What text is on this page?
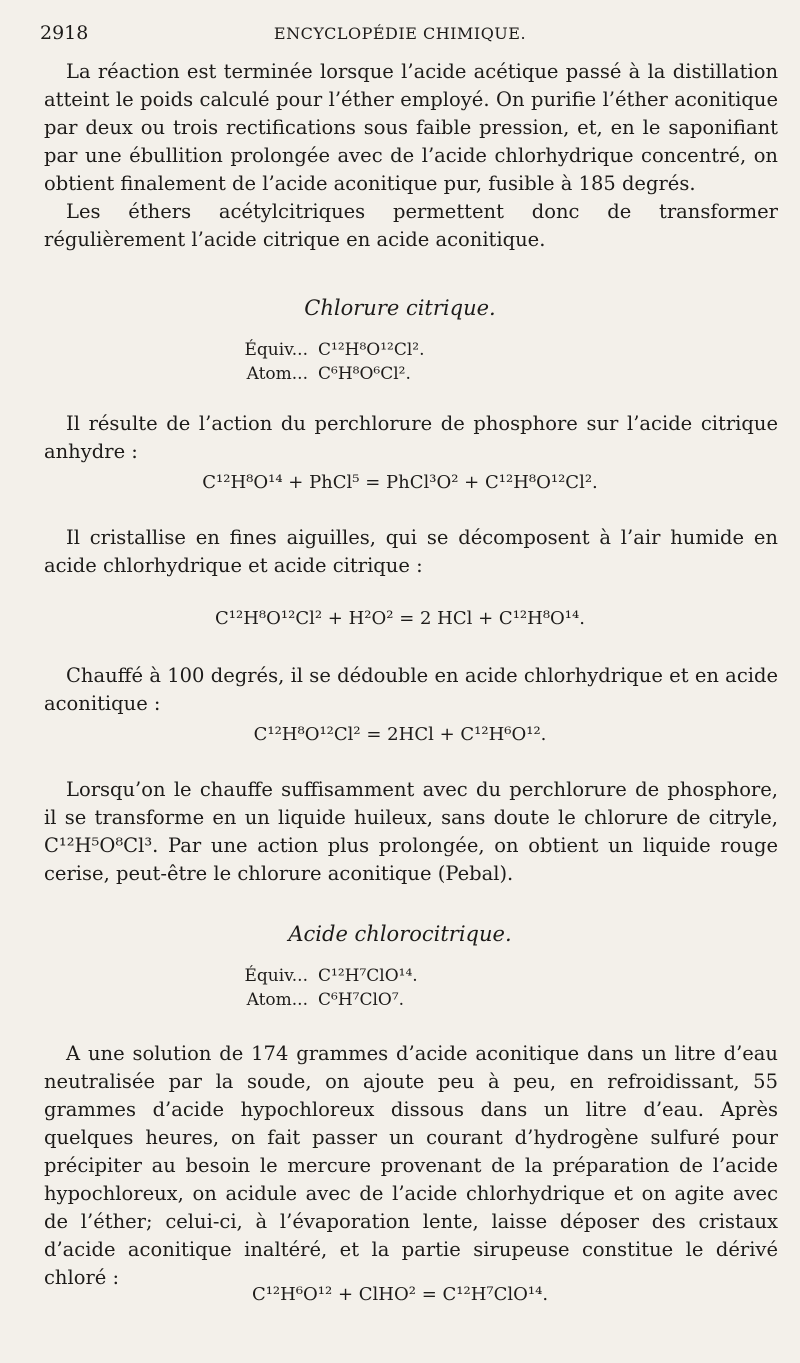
2918	ENCYCLOPÉDIE CHIMIQUE.

La réaction est terminée lorsque l’acide acétique passé à la distillation atteint le poids calculé pour l’éther employé. On purifie l’éther aconitique par deux ou trois rectifications sous faible pression, et, en le saponifiant par une ébullition prolongée avec de l’acide chlorhydrique concentré, on obtient finalement de l’acide aconitique pur, fusible à 185 degrés.

Les éthers acétylcitriques permettent donc de transformer régulièrement l’acide citrique en acide aconitique.

Chlorure citrique.
Équiv... C¹²H⁸O¹²Cl².
Atom... C⁶H⁸O⁶Cl².

Il résulte de l’action du perchlorure de phosphore sur l’acide citrique anhydre :

C¹²H⁸O¹⁴ + PhCl⁵ = PhCl³O² + C¹²H⁸O¹²Cl².

Il cristallise en fines aiguilles, qui se décomposent à l’air humide en acide chlorhydrique et acide citrique :

C¹²H⁸O¹²Cl² + H²O² = 2 HCl + C¹²H⁸O¹⁴.

Chauffé à 100 degrés, il se dédouble en acide chlorhydrique et en acide aconitique :

C¹²H⁸O¹²Cl² = 2HCl + C¹²H⁶O¹².

Lorsqu’on le chauffe suffisamment avec du perchlorure de phosphore, il se transforme en un liquide huileux, sans doute le chlorure de citryle, C¹²H⁵O⁸Cl³. Par une action plus prolongée, on obtient un liquide rouge cerise, peut-être le chlorure aconitique (Pebal).

Acide chlorocitrique.
Équiv... C¹²H⁷ClO¹⁴.
Atom... C⁶H⁷ClO⁷.

A une solution de 174 grammes d’acide aconitique dans un litre d’eau neutralisée par la soude, on ajoute peu à peu, en refroidissant, 55 grammes d’acide hypochloreux dissous dans un litre d’eau. Après quelques heures, on fait passer un courant d’hydrogène sulfuré pour précipiter au besoin le mercure provenant de la préparation de l’acide hypochloreux, on acidule avec de l’acide chlorhydrique et on agite avec de l’éther; celui-ci, à l’évaporation lente, laisse déposer des cristaux d’acide aconitique inaltéré, et la partie sirupeuse constitue le dérivé chloré :

C¹²H⁶O¹² + ClHO² = C¹²H⁷ClO¹⁴.
